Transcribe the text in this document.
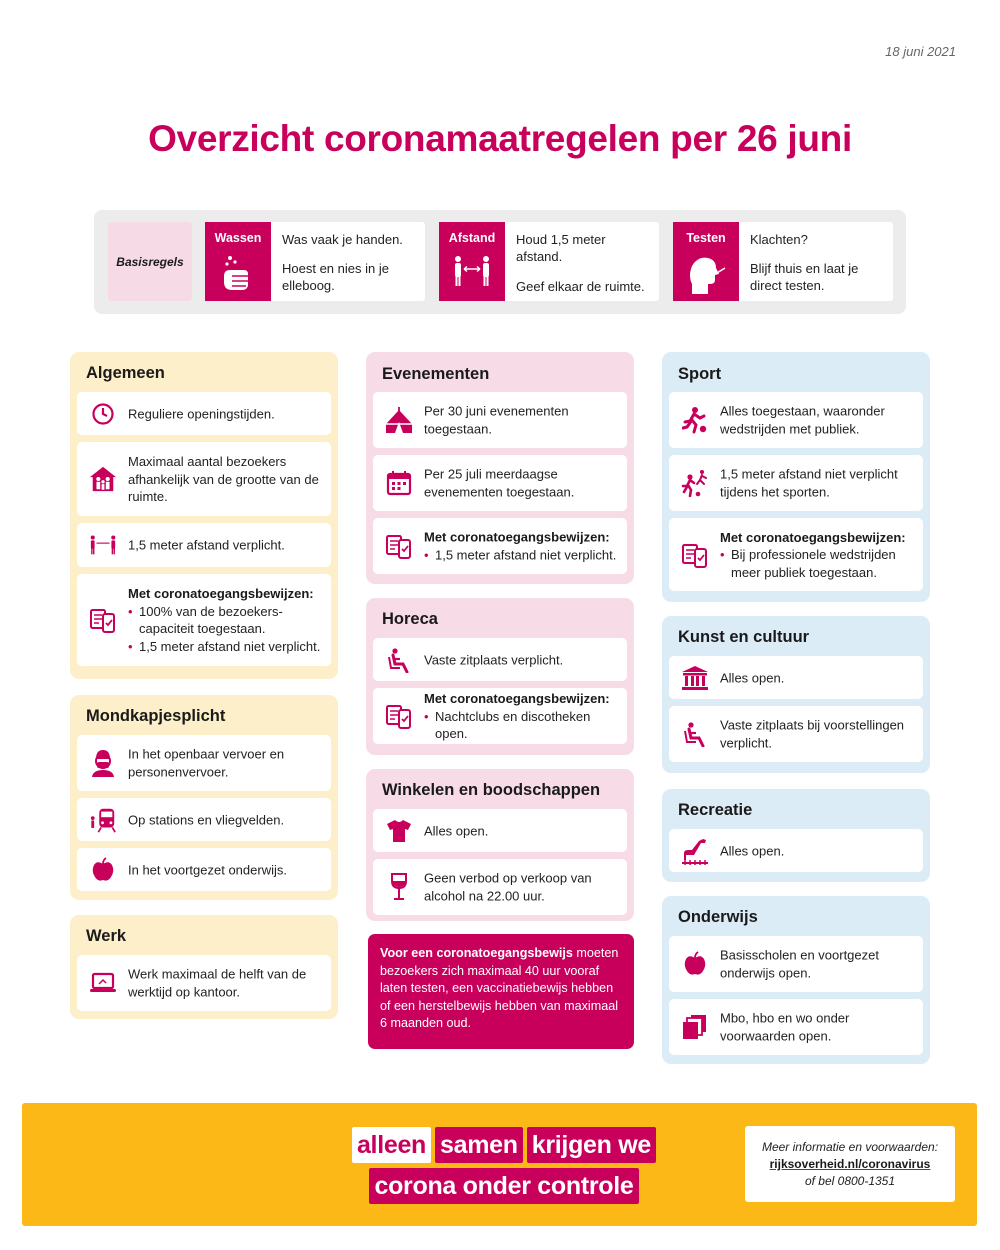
18 juni 2021
Overzicht coronamaatregelen per 26 juni
Basisregels
Wassen	Was vaak je handen.
Hoest en nies in je elleboog.
Afstand	Houd 1,5 meter afstand.
Geef elkaar de ruimte.
Testen	Klachten?
Blijf thuis en laat je direct testen.
Algemeen
Reguliere openingstijden.
Maximaal aantal bezoekers afhankelijk van de grootte van de ruimte.
1,5 meter afstand verplicht.
Met coronatoegangsbewijzen:
• 100% van de bezoekers-capaciteit toegestaan.
• 1,5 meter afstand niet verplicht.
Mondkapjesplicht
In het openbaar vervoer en personenvervoer.
Op stations en vliegvelden.
In het voortgezet onderwijs.
Werk
Werk maximaal de helft van de werktijd op kantoor.
Evenementen
Per 30 juni evenementen toegestaan.
Per 25 juli meerdaagse evenementen toegestaan.
Met coronatoegangsbewijzen:
• 1,5 meter afstand niet verplicht.
Horeca
Vaste zitplaats verplicht.
Met coronatoegangsbewijzen:
• Nachtclubs en discotheken open.
Winkelen en boodschappen
Alles open.
Geen verbod op verkoop van alcohol na 22.00 uur.
Voor een coronatoegangsbewijs moeten bezoekers zich maximaal 40 uur vooraf laten testen, een vaccinatiebewijs hebben of een herstelbewijs hebben van maximaal 6 maanden oud.
Sport
Alles toegestaan, waaronder wedstrijden met publiek.
1,5 meter afstand niet verplicht tijdens het sporten.
Met coronatoegangsbewijzen:
• Bij professionele wedstrijden meer publiek toegestaan.
Kunst en cultuur
Alles open.
Vaste zitplaats bij voorstellingen verplicht.
Recreatie
Alles open.
Onderwijs
Basisscholen en voortgezet onderwijs open.
Mbo, hbo en wo onder voorwaarden open.
alleen samen krijgen we
corona onder controle
Meer informatie en voorwaarden:
rijksoverheid.nl/coronavirus
of bel 0800-1351
